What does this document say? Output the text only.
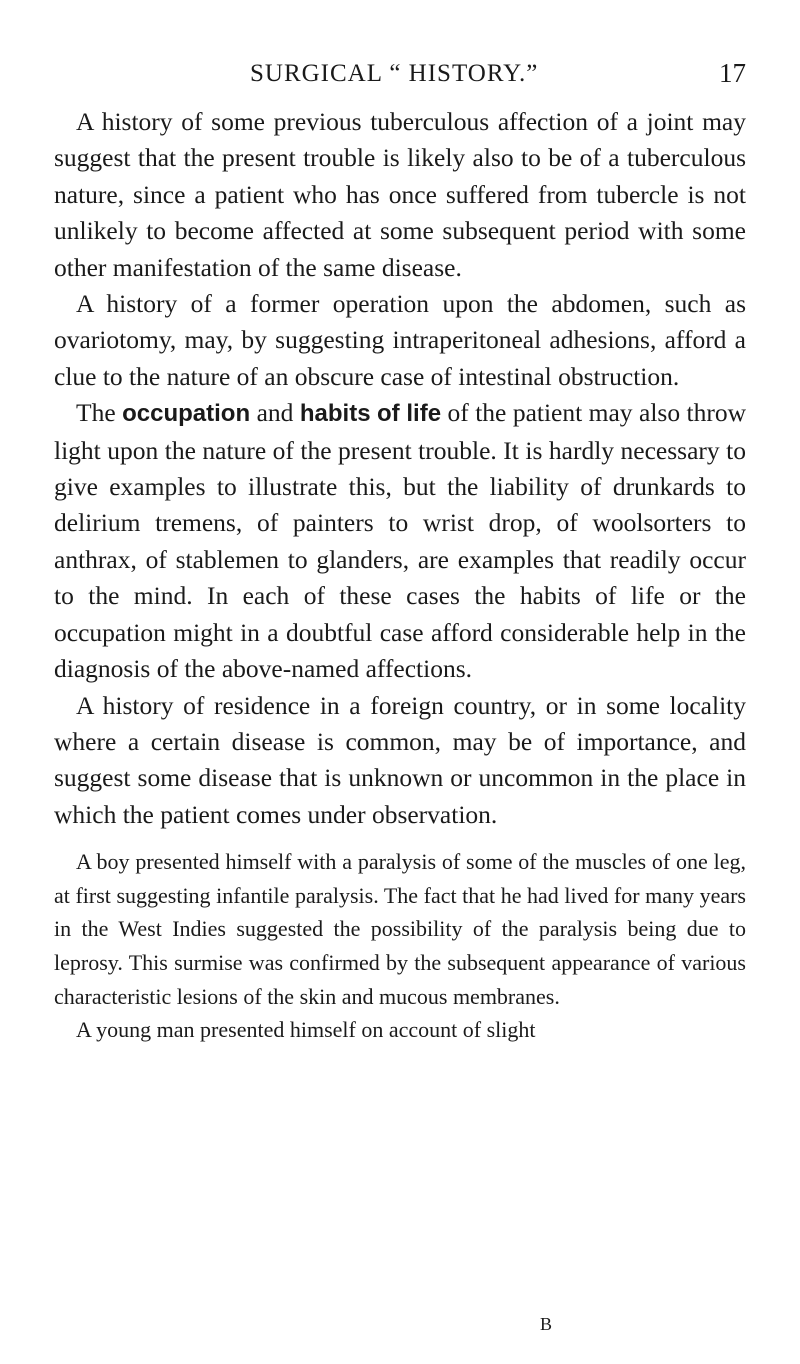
SURGICAL “ HISTORY.”	17

A history of some previous tuberculous affection of a joint may suggest that the present trouble is likely also to be of a tuberculous nature, since a patient who has once suffered from tubercle is not unlikely to become affected at some subsequent period with some other manifestation of the same disease.

A history of a former operation upon the abdomen, such as ovariotomy, may, by suggesting intraperitoneal adhesions, afford a clue to the nature of an obscure case of intestinal obstruction.

The occupation and habits of life of the patient may also throw light upon the nature of the present trouble. It is hardly necessary to give examples to illustrate this, but the liability of drunkards to delirium tremens, of painters to wrist drop, of woolsorters to anthrax, of stablemen to glanders, are examples that readily occur to the mind. In each of these cases the habits of life or the occupation might in a doubtful case afford considerable help in the diagnosis of the above-named affections.

A history of residence in a foreign country, or in some locality where a certain disease is common, may be of importance, and suggest some disease that is unknown or uncommon in the place in which the patient comes under observation.

A boy presented himself with a paralysis of some of the muscles of one leg, at first suggesting infantile paralysis. The fact that he had lived for many years in the West Indies suggested the possibility of the paralysis being due to leprosy. This surmise was confirmed by the subsequent appearance of various characteristic lesions of the skin and mucous membranes.

A young man presented himself on account of slight

B
